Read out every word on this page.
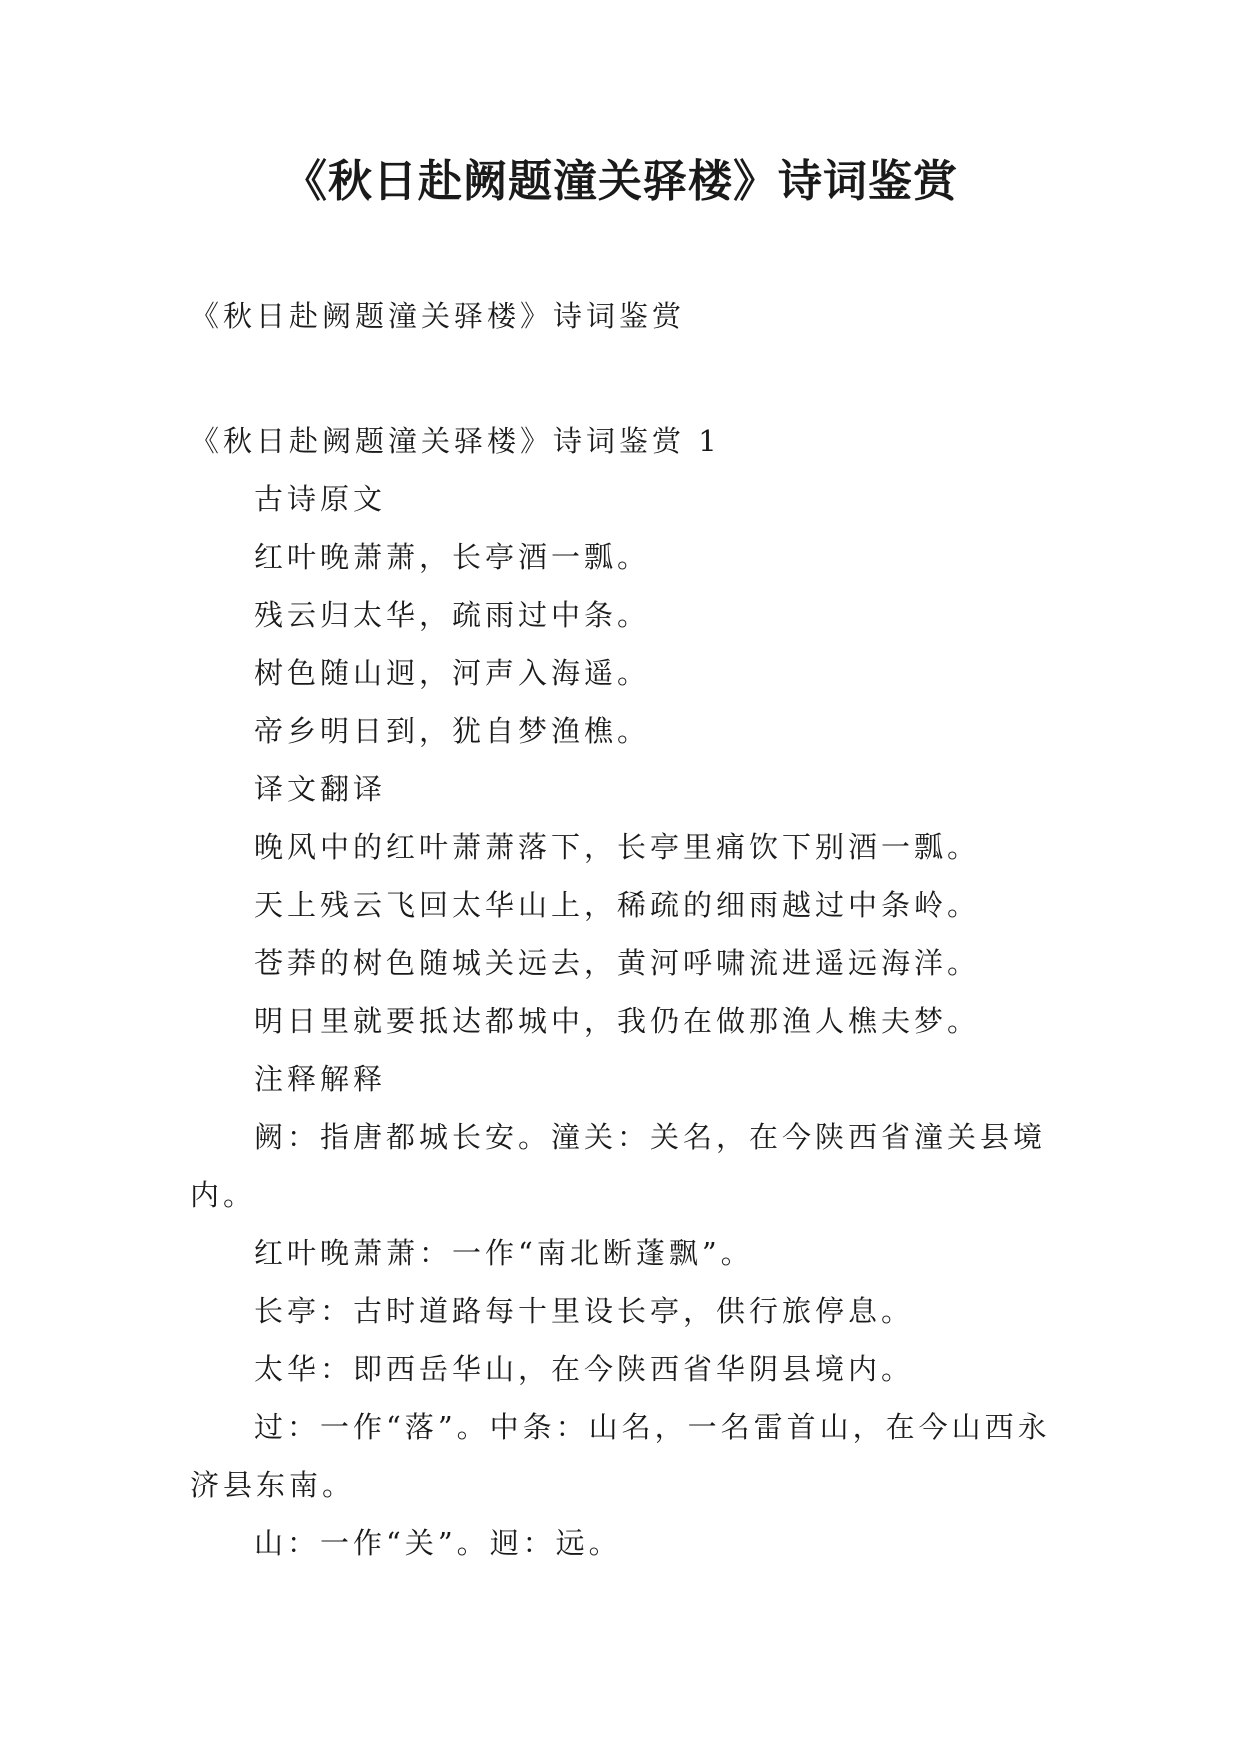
《秋日赴阙题潼关驿楼》诗词鉴赏

《秋日赴阙题潼关驿楼》诗词鉴赏

《秋日赴阙题潼关驿楼》诗词鉴赏 1

古诗原文

红叶晚萧萧，长亭酒一瓢。

残云归太华，疏雨过中条。

树色随山迥，河声入海遥。

帝乡明日到，犹自梦渔樵。

译文翻译

晚风中的红叶萧萧落下，长亭里痛饮下别酒一瓢。

天上残云飞回太华山上，稀疏的细雨越过中条岭。

苍莽的树色随城关远去，黄河呼啸流进遥远海洋。

明日里就要抵达都城中，我仍在做那渔人樵夫梦。

注释解释

阙：指唐都城长安。潼关：关名，在今陕西省潼关县境内。

红叶晚萧萧：一作“南北断蓬飘”。

长亭：古时道路每十里设长亭，供行旅停息。

太华：即西岳华山，在今陕西省华阴县境内。

过：一作“落”。中条：山名，一名雷首山，在今山西永济县东南。

山：一作“关”。迥：远。
